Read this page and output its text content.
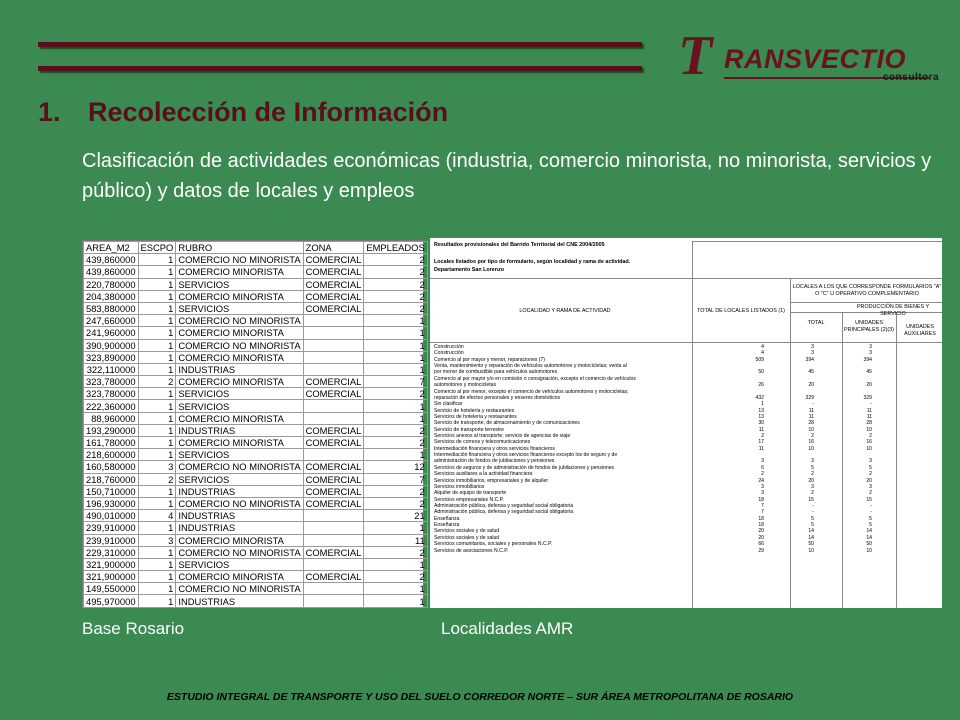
T RANSVECTIO
consultora
1. Recolección de Información
Clasificación de actividades económicas (industria, comercio minorista, no minorista, servicios y público) y datos de locales y empleos
AREA_M2	ESCPO	RUBRO	ZONA	EMPLEADOS
439,860000	1	COMERCIO NO MINORISTA	COMERCIAL	2
439,860000	1	COMERCIO MINORISTA	COMERCIAL	2
220,780000	1	SERVICIOS	COMERCIAL	2
204,380000	1	COMERCIO MINORISTA	COMERCIAL	2
583,880000	1	SERVICIOS	COMERCIAL	2
247,660000	1	COMERCIO NO MINORISTA		1
241,960000	1	COMERCIO MINORISTA		1
390,900000	1	COMERCIO NO MINORISTA		1
323,890000	1	COMERCIO MINORISTA		1
322,110000	1	INDUSTRIAS		1
323,780000	2	COMERCIO MINORISTA	COMERCIAL	7
323,780000	1	SERVICIOS	COMERCIAL	2
222,360000	1	SERVICIOS		1
88,960000	1	COMERCIO MINORISTA		1
193,290000	1	INDUSTRIAS	COMERCIAL	2
161,780000	1	COMERCIO MINORISTA	COMERCIAL	2
218,600000	1	SERVICIOS		1
160,580000	3	COMERCIO NO MINORISTA	COMERCIAL	12
218,760000	2	SERVICIOS	COMERCIAL	7
150,710000	1	INDUSTRIAS	COMERCIAL	2
196,930000	1	COMERCIO NO MINORISTA	COMERCIAL	2
490,010000	4	INDUSTRIAS		21
239,910000	1	INDUSTRIAS		1
239,910000	3	COMERCIO MINORISTA		11
229,310000	1	COMERCIO NO MINORISTA	COMERCIAL	2
321,900000	1	SERVICIOS		1
321,900000	1	COMERCIO MINORISTA	COMERCIAL	2
149,550000	1	COMERCIO NO MINORISTA		1
495,970000	1	INDUSTRIAS		1
Base Rosario
Resultados provisionales del Barrido Territorial del CNE 2004/2005
Locales listados por tipo de formulario, según localidad y rama de actividad.
Departamento San Lorenzo
LOCALIDAD Y RAMA DE ACTIVIDAD	TOTAL DE LOCALES LISTADOS (1)
LOCALES A LOS QUE CORRESPONDE FORMULARIOS "A" O "C" U OPERATIVO COMPLEMENTARIO
PRODUCCIÓN DE BIENES Y SERVICIO
TOTAL	UNIDADES PRINCIPALES (2)(3)	UNIDADES AUXILIARES
Construcción	4	3	3
Construcción	4	3	3
Comercio al por mayor y menor, reparaciones (7)	509	394	394
Venta, mantenimiento y reparación de vehículos automotores y motocicletas; venta al
por menor de combustible para vehículos automotores	50	45	45
Comercio al por mayor y/o en comisión o consignación, excepto el comercio de vehículos
automotores y motocicletas	26	20	20
Comercio al por menor, excepto el comercio de vehículos automotores y motocicletas;
reparación de efectos personales y enseres domésticos	432	329	329
Sin clasificar	1	-	-
Servicio de hotelería y restaurantes	13	11	11
Servicios de hotelería y restaurantes	13	11	11
Servicio de transporte, de almacenamiento y de comunicaciones	30	28	28
Servicio de transporte terrestre	11	10	10
Servicios anexos al transporte; servicio de agencias de viaje	2	2	2
Servicios de correos y telecomunicaciones	17	16	16
Intermediación financiera y otros servicios financieros	11	10	10
Intermediación financiera y otros servicios financieros excepto los de seguro y de
administración de fondos de jubilaciones y pensiones	3	3	3
Servicios de seguros y de administración de fondos de jubilaciones y pensiones	6	5	5
Servicios auxiliares a la actividad financiera	2	2	2
Servicios inmobiliarios, empresariales y de alquiler	24	20	20
Servicios inmobiliarios	3	3	3
Alquiler de equipo de transporte	3	2	2
Servicios empresariales N.C.P.	18	15	15
Administración pública, defensa y seguridad social obligatoria	7	-	-
Administración pública, defensa y seguridad social obligatoria	7	-	-
Enseñanza	18	5	5
Enseñanza	18	5	5
Servicios sociales y de salud	20	14	14
Servicios sociales y de salud	20	14	14
Servicios comunitarios, sociales y personales N.C.P.	66	50	50
Servicios de asociaciones N.C.P.	29	10	10
Localidades AMR
ESTUDIO INTEGRAL DE TRANSPORTE Y USO DEL SUELO CORREDOR NORTE – SUR ÁREA METROPOLITANA DE ROSARIO
